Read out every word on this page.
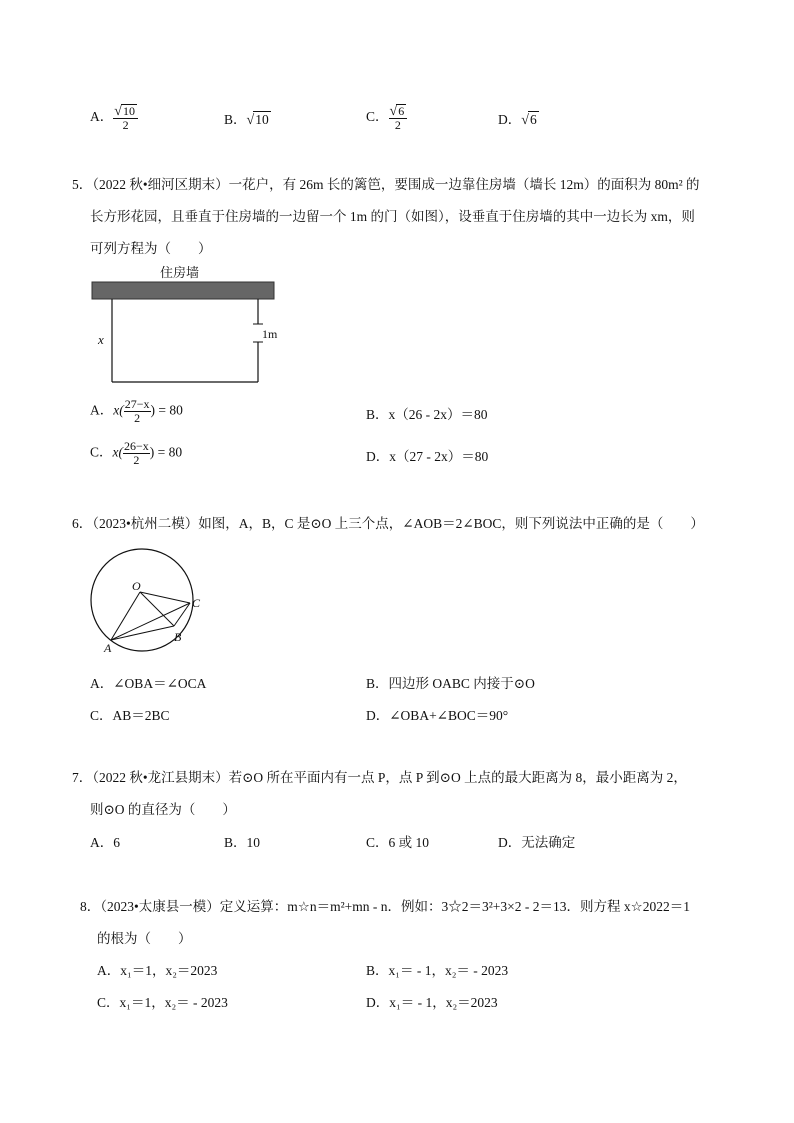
A． $\frac{√10}{2}$	B．√10	C． $\frac{√6}{2}$	D．√6
5．（2022 秋•细河区期末）一花户，有 26m 长的篱笆，要围成一边靠住房墙（墙长 12m）的面积为 80m² 的
长方形花园，且垂直于住房墙的一边留一个 1m 的门（如图），设垂直于住房墙的其中一边长为 xm，则
可列方程为（　　）
住房墙
x	1m
A．$x( \frac{27-x}{2}$ ) = 80	B．x（26 - 2x）＝80
C．$x( \frac{26-x}{2}$ ) = 80	D．x（27 - 2x）＝80
6．（2023•杭州二模）如图，A，B，C 是⊙O 上三个点，∠AOB＝2∠BOC，则下列说法中正确的是（　　）
O
A
B
C
A．∠OBA＝∠OCA	B．四边形 OABC 内接于⊙O
C．AB＝2BC	D．∠OBA+∠BOC＝90°
7．（2022 秋•龙江县期末）若⊙O 所在平面内有一点 P，点 P 到⊙O 上点的最大距离为 8，最小距离为 2，
则⊙O 的直径为（　　）
A．6	B．10	C．6 或 10	D．无法确定
8．（2023•太康县一模）定义运算：m☆n＝m²+mn - n．例如：3☆2＝3²+3×2 - 2＝13．则方程 x☆2022＝1
的根为（　　）
A．x₁＝1，x₂＝2023	B．x₁＝ - 1，x₂＝ - 2023
C．x₁＝1，x₂＝ - 2023	D．x₁＝ - 1，x₂＝2023
